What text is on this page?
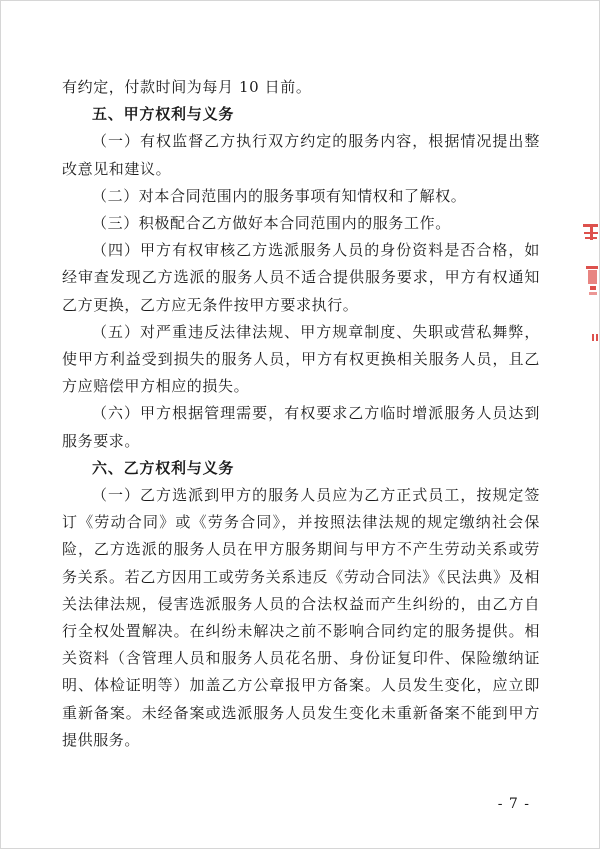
有约定，付款时间为每月 10 日前。

五、甲方权利与义务

（一）有权监督乙方执行双方约定的服务内容，根据情况提出整改意见和建议。

（二）对本合同范围内的服务事项有知情权和了解权。

（三）积极配合乙方做好本合同范围内的服务工作。

（四）甲方有权审核乙方选派服务人员的身份资料是否合格，如经审查发现乙方选派的服务人员不适合提供服务要求，甲方有权通知乙方更换，乙方应无条件按甲方要求执行。

（五）对严重违反法律法规、甲方规章制度、失职或营私舞弊，使甲方利益受到损失的服务人员，甲方有权更换相关服务人员，且乙方应赔偿甲方相应的损失。

（六）甲方根据管理需要，有权要求乙方临时增派服务人员达到服务要求。

六、乙方权利与义务

（一）乙方选派到甲方的服务人员应为乙方正式员工，按规定签订《劳动合同》或《劳务合同》，并按照法律法规的规定缴纳社会保险，乙方选派的服务人员在甲方服务期间与甲方不产生劳动关系或劳务关系。若乙方因用工或劳务关系违反《劳动合同法》《民法典》及相关法律法规，侵害选派服务人员的合法权益而产生纠纷的，由乙方自行全权处置解决。在纠纷未解决之前不影响合同约定的服务提供。相关资料（含管理人员和服务人员花名册、身份证复印件、保险缴纳证明、体检证明等）加盖乙方公章报甲方备案。人员发生变化，应立即重新备案。未经备案或选派服务人员发生变化未重新备案不能到甲方提供服务。

- 7 -
